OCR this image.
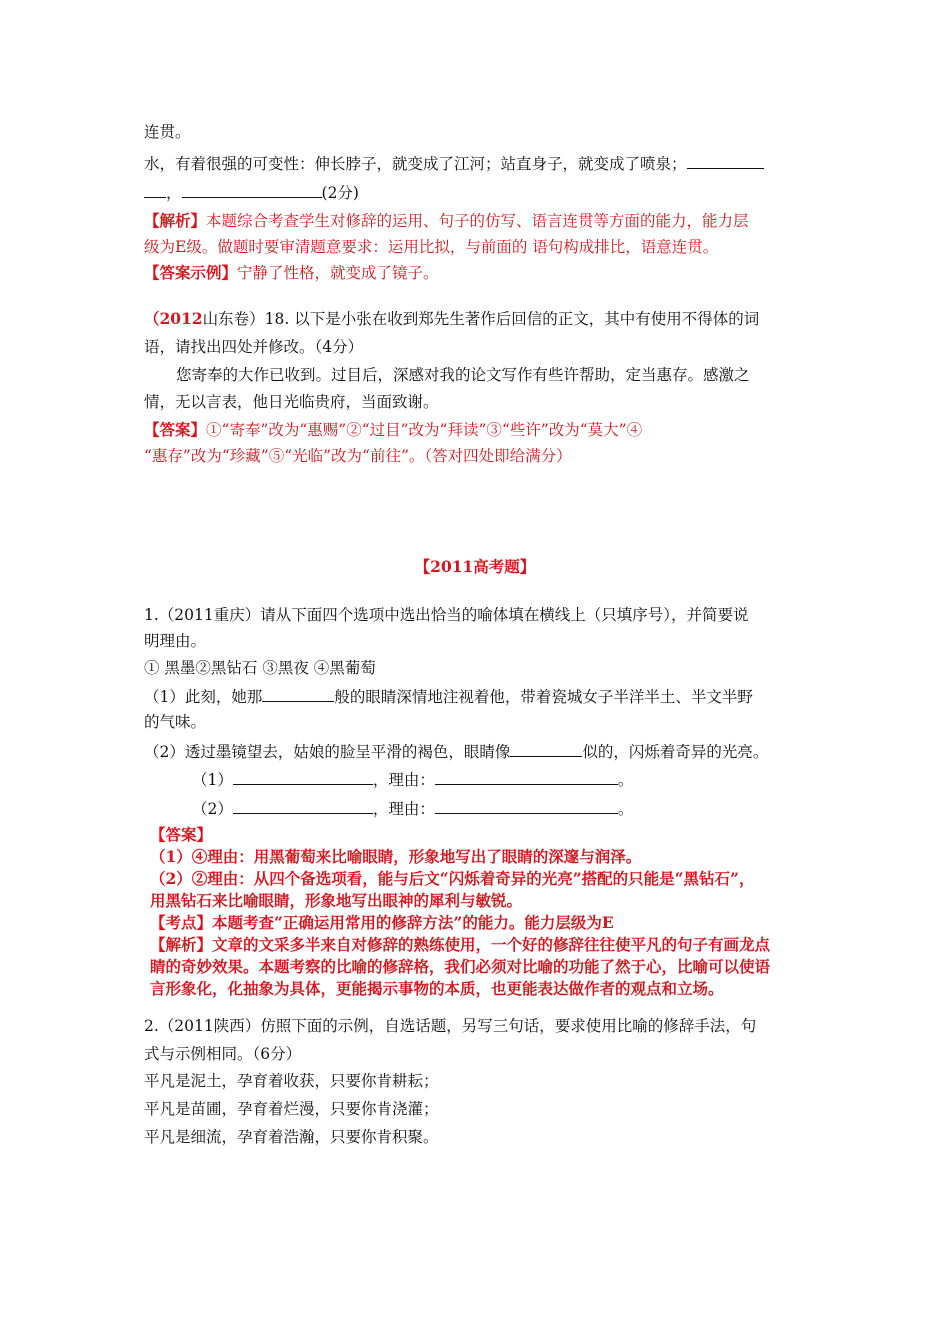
连贯。
水，有着很强的可变性：伸长脖子，就变成了江河；站直身子，就变成了喷泉；
，	(2分)
【解析】本题综合考查学生对修辞的运用、句子的仿写、语言连贯等方面的能力，能力层
级为E级。做题时要审清题意要求：运用比拟，与前面的 语句构成排比，语意连贯。
【答案示例】宁静了性格，就变成了镜子。
（2012山东卷）18. 以下是小张在收到郑先生著作后回信的正文，其中有使用不得体的词
语，请找出四处并修改。（4分）
您寄奉的大作已收到。过目后，深感对我的论文写作有些许帮助，定当惠存。感激之
情，无以言表，他日光临贵府，当面致谢。
【答案】①“寄奉”改为“惠赐”②“过目”改为“拜读”③“些许”改为“莫大”④
“惠存”改为“珍藏”⑤“光临”改为“前往”。（答对四处即给满分）
【2011高考题】
1.（2011重庆）请从下面四个选项中选出恰当的喻体填在横线上（只填序号），并简要说
明理由。
① 黑墨②黑钻石 ③黑夜 ④黑葡萄
（1）此刻，她那	般的眼睛深情地注视着他，带着瓷城女子半洋半土、半文半野
的气味。
（2）透过墨镜望去，姑娘的脸呈平滑的褐色，眼睛像	似的，闪烁着奇异的光亮。
（1）	，理由：	。
（2）	，理由：	。
【答案】
（1）④理由：用黑葡萄来比喻眼睛，形象地写出了眼睛的深邃与润泽。
（2）②理由：从四个备选项看，能与后文“闪烁着奇异的光亮”搭配的只能是“黑钻石”，
用黑钻石来比喻眼睛，形象地写出眼神的犀利与敏锐。
【考点】本题考查“正确运用常用的修辞方法”的能力。能力层级为E
【解析】文章的文采多半来自对修辞的熟练使用，一个好的修辞往往使平凡的句子有画龙点
睛的奇妙效果。本题考察的比喻的修辞格，我们必须对比喻的功能了然于心，比喻可以使语
言形象化，化抽象为具体，更能揭示事物的本质，也更能表达做作者的观点和立场。
2.（2011陕西）仿照下面的示例，自选话题，另写三句话，要求使用比喻的修辞手法，句
式与示例相同。（6分）
平凡是泥土，孕育着收获，只要你肯耕耘；
平凡是苗圃，孕育着烂漫，只要你肯浇灌；
平凡是细流，孕育着浩瀚，只要你肯积聚。
